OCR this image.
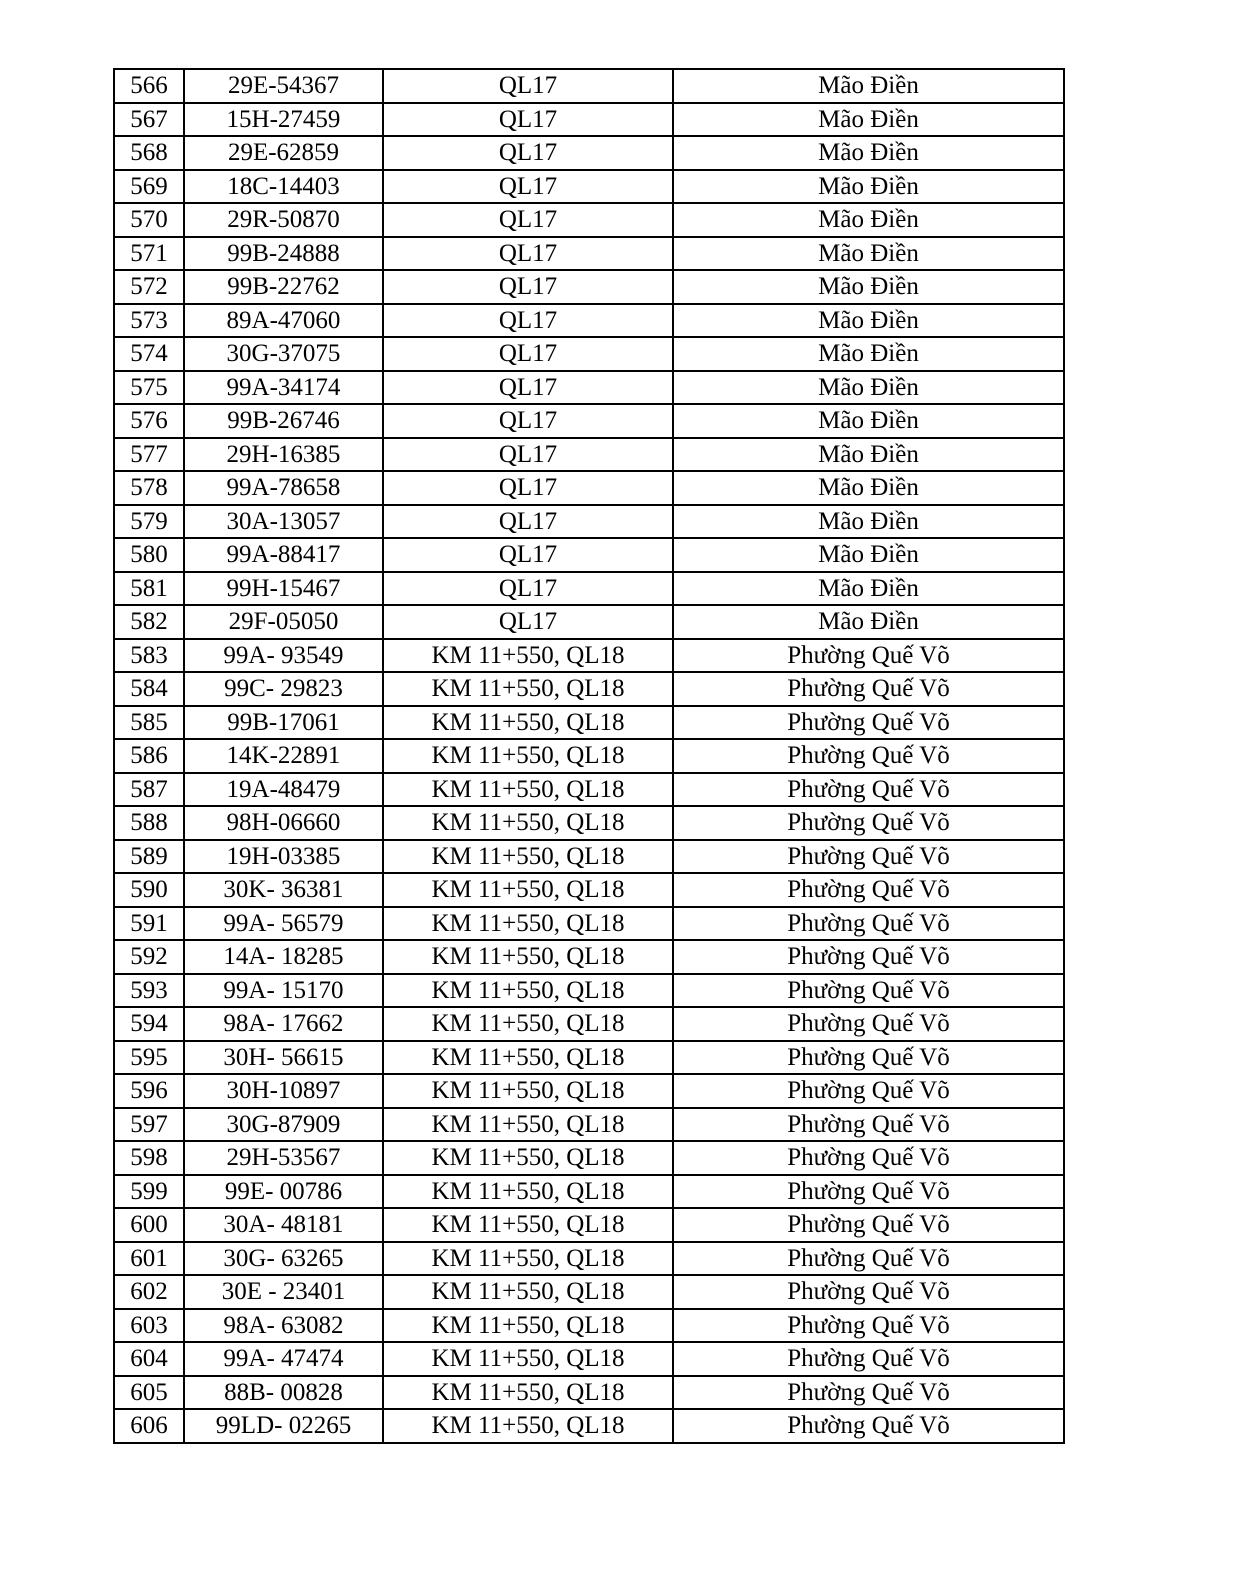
566	29E-54367	QL17	Mão Điền
567	15H-27459	QL17	Mão Điền
568	29E-62859	QL17	Mão Điền
569	18C-14403	QL17	Mão Điền
570	29R-50870	QL17	Mão Điền
571	99B-24888	QL17	Mão Điền
572	99B-22762	QL17	Mão Điền
573	89A-47060	QL17	Mão Điền
574	30G-37075	QL17	Mão Điền
575	99A-34174	QL17	Mão Điền
576	99B-26746	QL17	Mão Điền
577	29H-16385	QL17	Mão Điền
578	99A-78658	QL17	Mão Điền
579	30A-13057	QL17	Mão Điền
580	99A-88417	QL17	Mão Điền
581	99H-15467	QL17	Mão Điền
582	29F-05050	QL17	Mão Điền
583	99A- 93549	KM 11+550, QL18	Phường Quế Võ
584	99C- 29823	KM 11+550, QL18	Phường Quế Võ
585	99B-17061	KM 11+550, QL18	Phường Quế Võ
586	14K-22891	KM 11+550, QL18	Phường Quế Võ
587	19A-48479	KM 11+550, QL18	Phường Quế Võ
588	98H-06660	KM 11+550, QL18	Phường Quế Võ
589	19H-03385	KM 11+550, QL18	Phường Quế Võ
590	30K- 36381	KM 11+550, QL18	Phường Quế Võ
591	99A- 56579	KM 11+550, QL18	Phường Quế Võ
592	14A- 18285	KM 11+550, QL18	Phường Quế Võ
593	99A- 15170	KM 11+550, QL18	Phường Quế Võ
594	98A- 17662	KM 11+550, QL18	Phường Quế Võ
595	30H- 56615	KM 11+550, QL18	Phường Quế Võ
596	30H-10897	KM 11+550, QL18	Phường Quế Võ
597	30G-87909	KM 11+550, QL18	Phường Quế Võ
598	29H-53567	KM 11+550, QL18	Phường Quế Võ
599	99E- 00786	KM 11+550, QL18	Phường Quế Võ
600	30A- 48181	KM 11+550, QL18	Phường Quế Võ
601	30G- 63265	KM 11+550, QL18	Phường Quế Võ
602	30E - 23401	KM 11+550, QL18	Phường Quế Võ
603	98A- 63082	KM 11+550, QL18	Phường Quế Võ
604	99A- 47474	KM 11+550, QL18	Phường Quế Võ
605	88B- 00828	KM 11+550, QL18	Phường Quế Võ
606	99LD- 02265	KM 11+550, QL18	Phường Quế Võ
